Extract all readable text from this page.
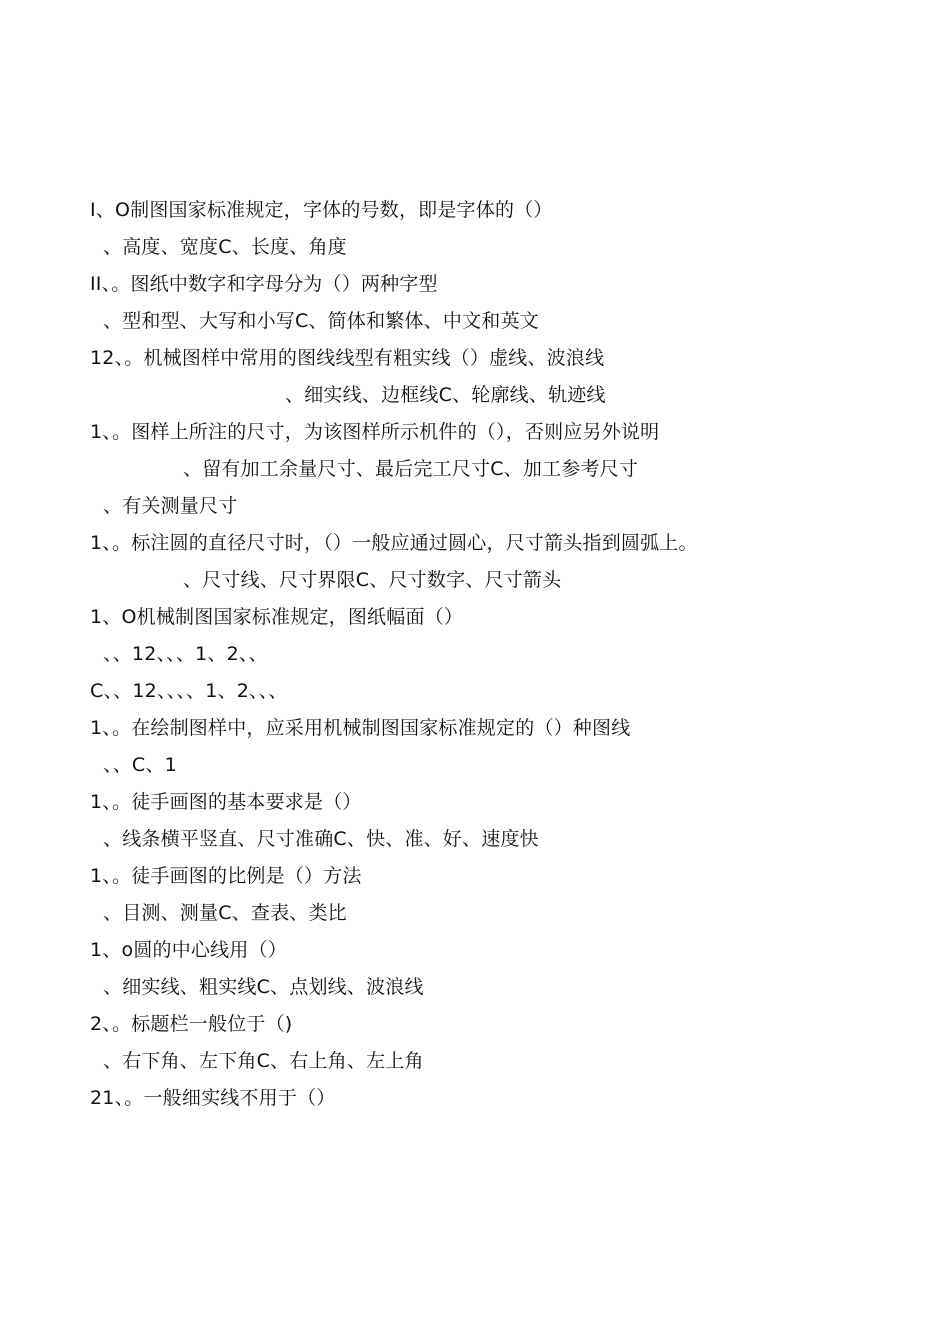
I、O制图国家标准规定，字体的号数，即是字体的（）
、高度、宽度C、长度、角度
II、。图纸中数字和字母分为（）两种字型
、型和型、大写和小写C、简体和繁体、中文和英文
12、。机械图样中常用的图线线型有粗实线（）虚线、波浪线
、细实线、边框线C、轮廓线、轨迹线
1、。图样上所注的尺寸，为该图样所示机件的（），否则应另外说明
、留有加工余量尺寸、最后完工尺寸C、加工参考尺寸
、有关测量尺寸
1、。标注圆的直径尺寸时，（）一般应通过圆心，尺寸箭头指到圆弧上。
、尺寸线、尺寸界限C、尺寸数字、尺寸箭头
1、O机械制图国家标准规定，图纸幅面（）
、、12、、、1、2、、
C、、12、、、、1、2、、、
1、。在绘制图样中，应采用机械制图国家标准规定的（）种图线
、、C、1
1、。徒手画图的基本要求是（）
、线条横平竖直、尺寸准确C、快、准、好、速度快
1、。徒手画图的比例是（）方法
、目测、测量C、查表、类比
1、o圆的中心线用（）
、细实线、粗实线C、点划线、波浪线
2、。标题栏一般位于（)
、右下角、左下角C、右上角、左上角
21、。一般细实线不用于（）
